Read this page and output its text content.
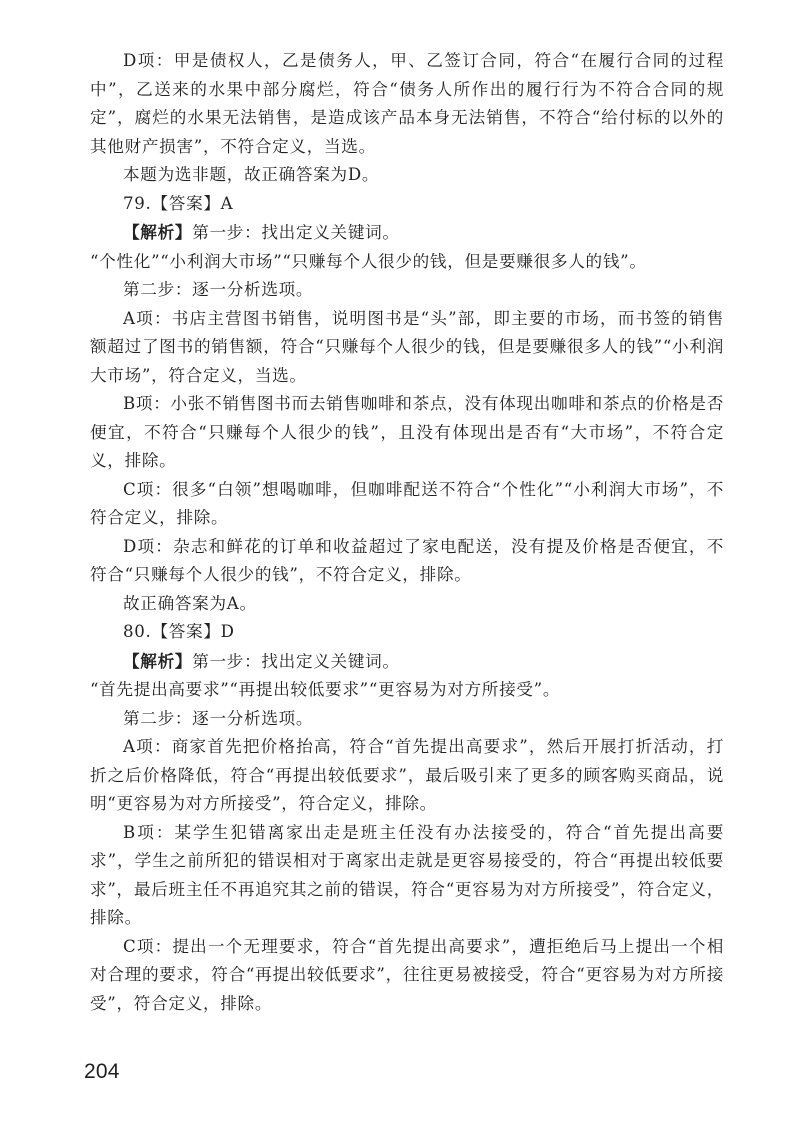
D项：甲是债权人，乙是债务人，甲、乙签订合同，符合“在履行合同的过程中”，乙送来的水果中部分腐烂，符合“债务人所作出的履行行为不符合合同的规定”，腐烂的水果无法销售，是造成该产品本身无法销售，不符合“给付标的以外的其他财产损害”，不符合定义，当选。

本题为选非题，故正确答案为D。

79.【答案】A

【解析】第一步：找出定义关键词。

“个性化”“小利润大市场”“只赚每个人很少的钱，但是要赚很多人的钱”。

第二步：逐一分析选项。

A项：书店主营图书销售，说明图书是“头”部，即主要的市场，而书签的销售额超过了图书的销售额，符合“只赚每个人很少的钱，但是要赚很多人的钱”“小利润大市场”，符合定义，当选。

B项：小张不销售图书而去销售咖啡和茶点，没有体现出咖啡和茶点的价格是否便宜，不符合“只赚每个人很少的钱”，且没有体现出是否有“大市场”，不符合定义，排除。

C项：很多“白领”想喝咖啡，但咖啡配送不符合“个性化”“小利润大市场”，不符合定义，排除。

D项：杂志和鲜花的订单和收益超过了家电配送，没有提及价格是否便宜，不符合“只赚每个人很少的钱”，不符合定义，排除。

故正确答案为A。

80.【答案】D

【解析】第一步：找出定义关键词。

“首先提出高要求”“再提出较低要求”“更容易为对方所接受”。

第二步：逐一分析选项。

A项：商家首先把价格抬高，符合“首先提出高要求”，然后开展打折活动，打折之后价格降低，符合“再提出较低要求”，最后吸引来了更多的顾客购买商品，说明“更容易为对方所接受”，符合定义，排除。

B项：某学生犯错离家出走是班主任没有办法接受的，符合“首先提出高要求”，学生之前所犯的错误相对于离家出走就是更容易接受的，符合“再提出较低要求”，最后班主任不再追究其之前的错误，符合“更容易为对方所接受”，符合定义，排除。

C项：提出一个无理要求，符合“首先提出高要求”，遭拒绝后马上提出一个相对合理的要求，符合“再提出较低要求”，往往更易被接受，符合“更容易为对方所接受”，符合定义，排除。

204
